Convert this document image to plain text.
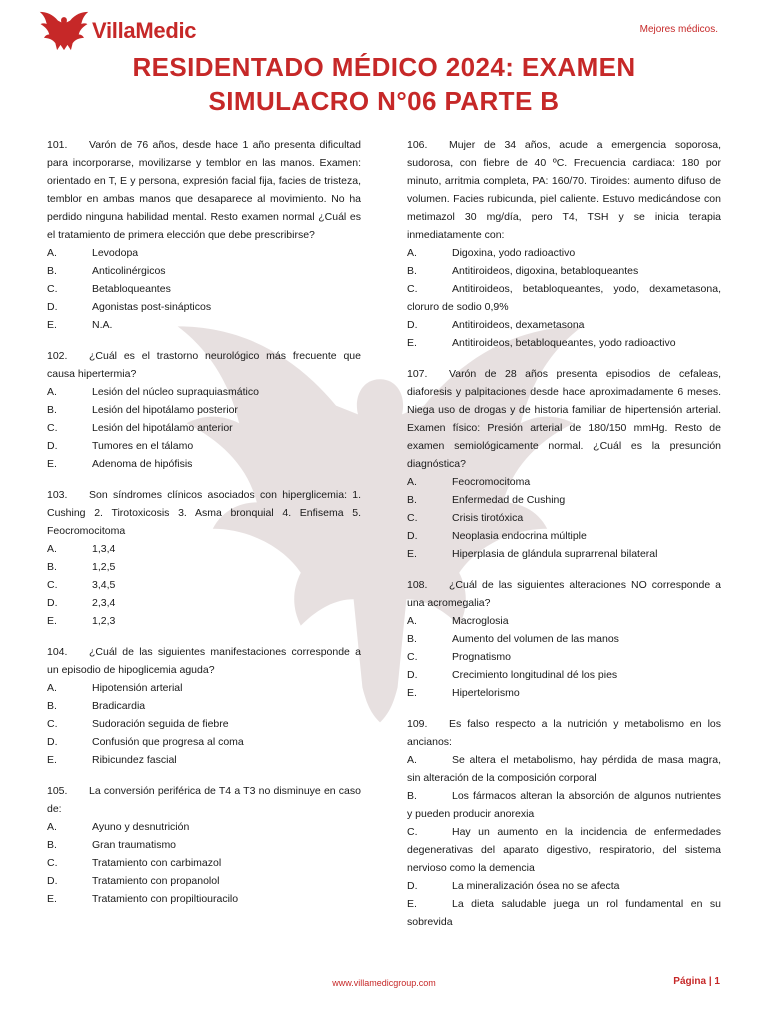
VillaMedic	Mejores médicos.
RESIDENTADO MÉDICO 2024: EXAMEN
SIMULACRO N°06 PARTE B
101. Varón de 76 años, desde hace 1 año presenta dificultad para incorporarse, movilizarse y temblor en las manos. Examen: orientado en T, E y persona, expresión facial fija, facies de tristeza, temblor en ambas manos que desaparece al movimiento. No ha perdido ninguna habilidad mental. Resto examen normal ¿Cuál es el tratamiento de primera elección que debe prescribirse?
A.	Levodopa
B.	Anticolinérgicos
C.	Betabloqueantes
D.	Agonistas post-sinápticos
E.	N.A.
102. ¿Cuál es el trastorno neurológico más frecuente que causa hipertermia?
A.	Lesión del núcleo supraquiasmático
B.	Lesión del hipotálamo posterior
C.	Lesión del hipotálamo anterior
D.	Tumores en el tálamo
E.	Adenoma de hipófisis
103. Son síndromes clínicos asociados con hiperglicemia: 1. Cushing 2. Tirotoxicosis 3. Asma bronquial 4. Enfisema 5. Feocromocitoma
A.	1,3,4
B.	1,2,5
C.	3,4,5
D.	2,3,4
E.	1,2,3
104. ¿Cuál de las siguientes manifestaciones corresponde a un episodio de hipoglicemia aguda?
A.	Hipotensión arterial
B.	Bradicardia
C.	Sudoración seguida de fiebre
D.	Confusión que progresa al coma
E.	Ribicundez fascial
105. La conversión periférica de T4 a T3 no disminuye en caso de:
A.	Ayuno y desnutrición
B.	Gran traumatismo
C.	Tratamiento con carbimazol
D.	Tratamiento con propanolol
E.	Tratamiento con propiltiouracilo
106. Mujer de 34 años, acude a emergencia soporosa, sudorosa, con fiebre de 40 ºC. Frecuencia cardiaca: 180 por minuto, arritmia completa, PA: 160/70. Tiroides: aumento difuso de volumen. Facies rubicunda, piel caliente. Estuvo medicándose con metimazol 30 mg/día, pero T4, TSH y se inicia terapia inmediatamente con:
A.	Digoxina, yodo radioactivo
B.	Antitiroideos, digoxina, betabloqueantes
C.	Antitiroideos, betabloqueantes, yodo, dexametasona, cloruro de sodio 0,9%
D.	Antitiroideos, dexametasona
E.	Antitiroideos, betabloqueantes, yodo radioactivo
107. Varón de 28 años presenta episodios de cefaleas, diaforesis y palpitaciones desde hace aproximadamente 6 meses. Niega uso de drogas y de historia familiar de hipertensión arterial. Examen físico: Presión arterial de 180/150 mmHg. Resto de examen semiológicamente normal. ¿Cuál es la presunción diagnóstica?
A.	Feocromocitoma
B.	Enfermedad de Cushing
C.	Crisis tirotóxica
D.	Neoplasia endocrina múltiple
E.	Hiperplasia de glándula suprarrenal bilateral
108. ¿Cuál de las siguientes alteraciones NO corresponde a una acromegalia?
A.	Macroglosia
B.	Aumento del volumen de las manos
C.	Prognatismo
D.	Crecimiento longitudinal dé los pies
E.	Hipertelorismo
109. Es falso respecto a la nutrición y metabolismo en los ancianos:
A.	Se altera el metabolismo, hay pérdida de masa magra, sin alteración de la composición corporal
B.	Los fármacos alteran la absorción de algunos nutrientes y pueden producir anorexia
C.	Hay un aumento en la incidencia de enfermedades degenerativas del aparato digestivo, respiratorio, del sistema nervioso como la demencia
D.	La mineralización ósea no se afecta
E.	La dieta saludable juega un rol fundamental en su sobrevida
www.villamedicgroup.com	Página | 1
